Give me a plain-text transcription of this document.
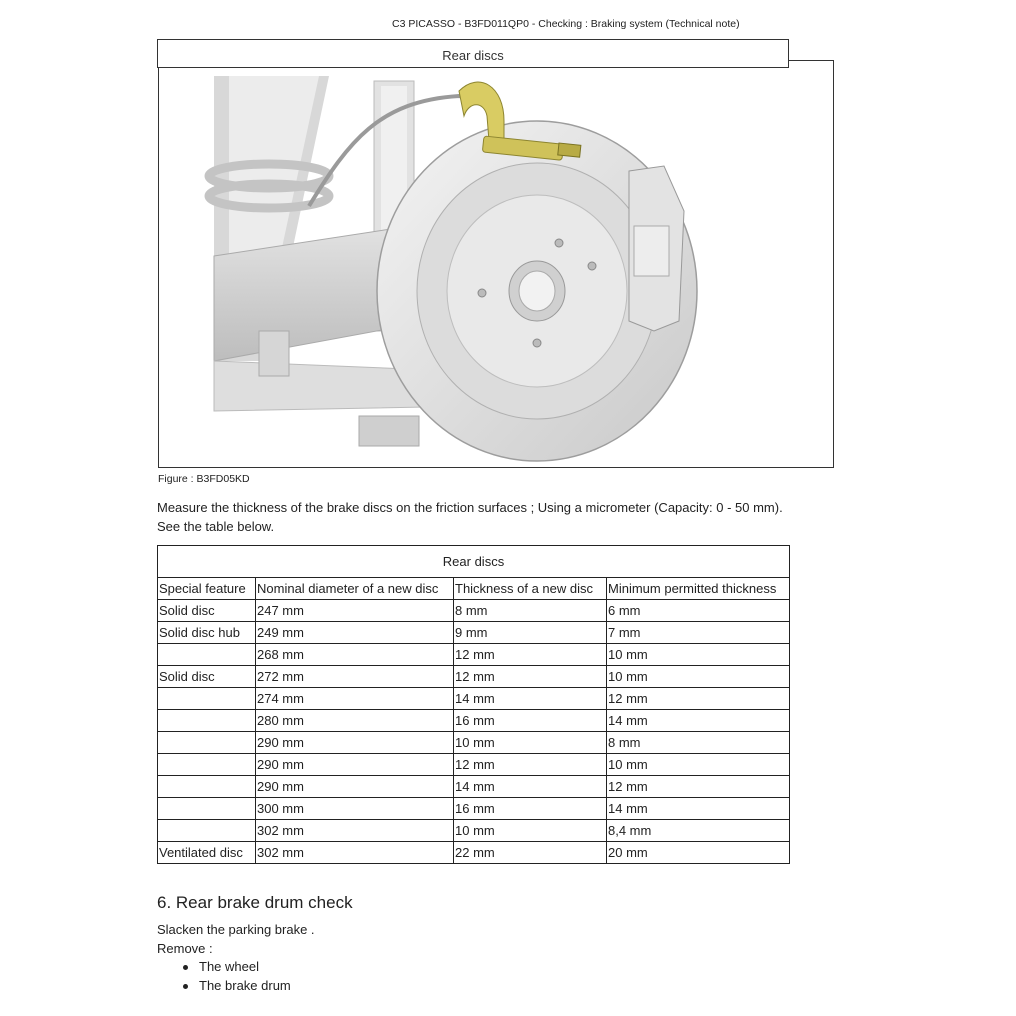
C3 PICASSO - B3FD011QP0 - Checking : Braking system (Technical note)
Rear discs
Figure : B3FD05KD
Measure the thickness of the brake discs on the friction surfaces ; Using a micrometer (Capacity: 0 - 50 mm).
See the table below.
Rear discs			
Special feature	Nominal diameter of a new disc	Thickness of a new disc	Minimum permitted thickness
Solid disc	247 mm	8 mm	6 mm
Solid disc hub	249 mm	9 mm	7 mm
	268 mm	12 mm	10 mm
Solid disc	272 mm	12 mm	10 mm
	274 mm	14 mm	12 mm
	280 mm	16 mm	14 mm
	290 mm	10 mm	8 mm
	290 mm	12 mm	10 mm
	290 mm	14 mm	12 mm
	300 mm	16 mm	14 mm
	302 mm	10 mm	8,4 mm
Ventilated disc	302 mm	22 mm	20 mm
6. Rear brake drum check
Slacken the parking brake .
Remove :
The wheel
The brake drum
